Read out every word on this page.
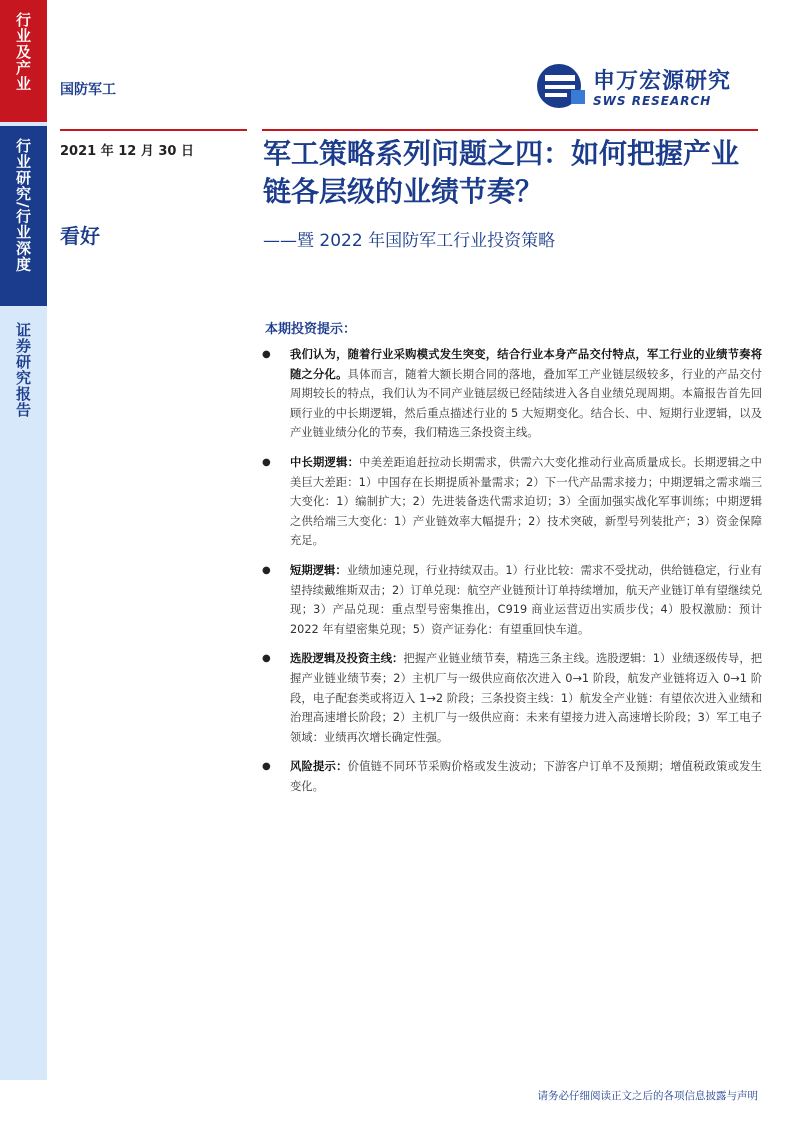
行业及产业
行业研究/行业深度
证券研究报告
国防军工	申万宏源研究
SWS RESEARCH
2021 年 12 月 30 日
看好
军工策略系列问题之四：如何把握产业链各层级的业绩节奏？
——暨 2022 年国防军工行业投资策略
本期投资提示：
● 我们认为，随着行业采购模式发生突变，结合行业本身产品交付特点，军工行业的业绩节奏将随之分化。具体而言，随着大额长期合同的落地，叠加军工产业链层级较多，行业的产品交付周期较长的特点，我们认为不同产业链层级已经陆续进入各自业绩兑现周期。本篇报告首先回顾行业的中长期逻辑，然后重点描述行业的 5 大短期变化。结合长、中、短期行业逻辑，以及产业链业绩分化的节奏，我们精选三条投资主线。
● 中长期逻辑：中美差距追赶拉动长期需求，供需六大变化推动行业高质量成长。长期逻辑之中美巨大差距：1）中国存在长期提质补量需求；2）下一代产品需求接力；中期逻辑之需求端三大变化：1）编制扩大；2）先进装备迭代需求迫切；3）全面加强实战化军事训练；中期逻辑之供给端三大变化：1）产业链效率大幅提升；2）技术突破，新型号列装批产；3）资金保障充足。
● 短期逻辑：业绩加速兑现，行业持续双击。1）行业比较：需求不受扰动，供给链稳定，行业有望持续戴维斯双击；2）订单兑现：航空产业链预计订单持续增加，航天产业链订单有望继续兑现；3）产品兑现：重点型号密集推出，C919 商业运营迈出实质步伐；4）股权激励：预计 2022 年有望密集兑现；5）资产证券化：有望重回快车道。
● 选股逻辑及投资主线：把握产业链业绩节奏，精选三条主线。选股逻辑：1）业绩逐级传导，把握产业链业绩节奏；2）主机厂与一级供应商依次进入 0→1 阶段，航发产业链将迈入 0→1 阶段，电子配套类或将迈入 1→2 阶段；三条投资主线：1）航发全产业链：有望依次进入业绩和治理高速增长阶段；2）主机厂与一级供应商：未来有望接力进入高速增长阶段；3）军工电子领域：业绩再次增长确定性强。
● 风险提示：价值链不同环节采购价格或发生波动；下游客户订单不及预期；增值税政策或发生变化。
请务必仔细阅读正文之后的各项信息披露与声明
